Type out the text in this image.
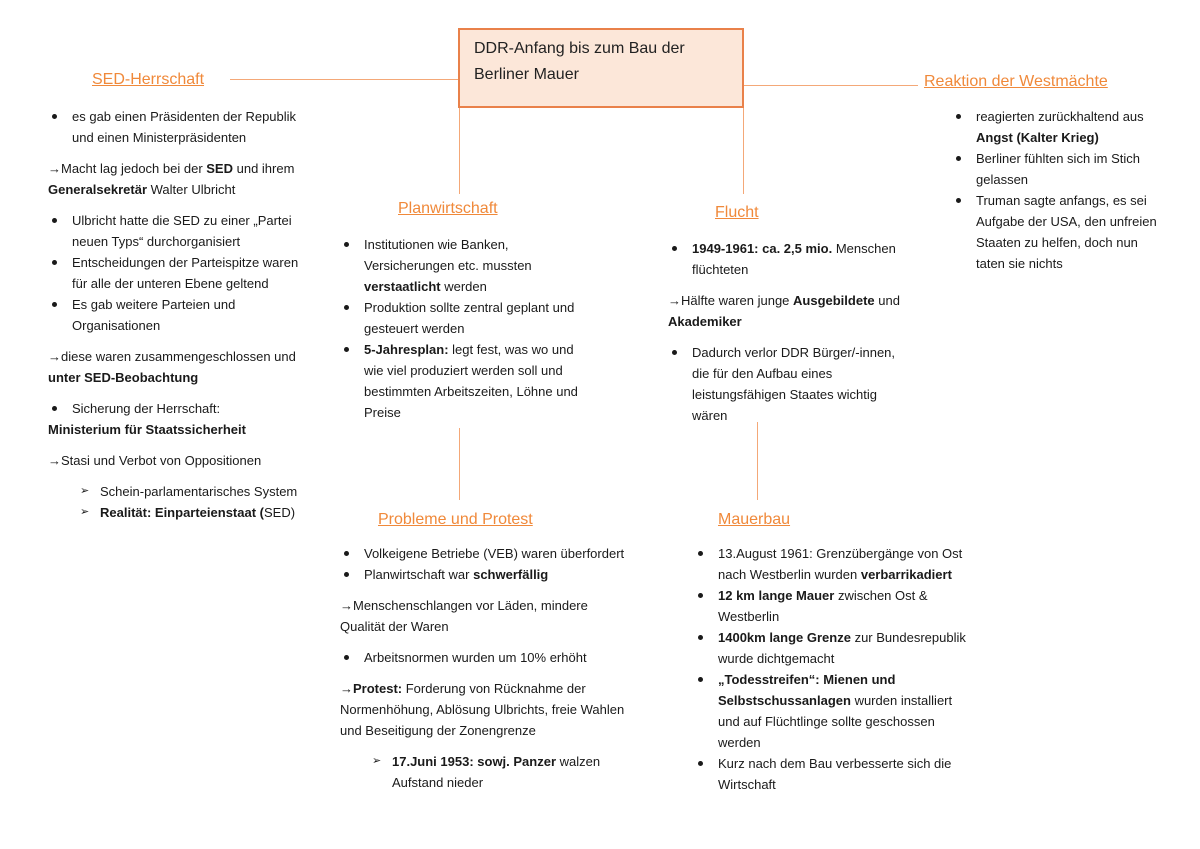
DDR-Anfang bis zum Bau der Berliner Mauer
SED-Herrschaft
es gab einen Präsidenten der Republik und einen Ministerpräsidenten

→Macht lag jedoch bei der SED und ihrem Generalsekretär Walter Ulbricht

Ulbricht hatte die SED zu einer „Partei neuen Typs“ durchorganisiert
Entscheidungen der Parteispitze waren für alle der unteren Ebene geltend
Es gab weitere Parteien und Organisationen

→diese waren zusammengeschlossen und unter SED-Beobachtung

Sicherung der Herrschaft:

Ministerium für Staatssicherheit

→Stasi und Verbot von Oppositionen

➢ Schein-parlamentarisches System
➢ Realität: Einparteienstaat (SED)
Planwirtschaft
Institutionen wie Banken, Versicherungen etc. mussten verstaatlicht werden
Produktion sollte zentral geplant und gesteuert werden
5-Jahresplan: legt fest, was wo und wie viel produziert werden soll und bestimmten Arbeitszeiten, Löhne und Preise
Flucht
1949-1961: ca. 2,5 mio. Menschen flüchteten

→Hälfte waren junge Ausgebildete und Akademiker

Dadurch verlor DDR Bürger/-innen, die für den Aufbau eines leistungsfähigen Staates wichtig wären
Reaktion der Westmächte
reagierten zurückhaltend aus Angst (Kalter Krieg)
Berliner fühlten sich im Stich gelassen
Truman sagte anfangs, es sei Aufgabe der USA, den unfreien Staaten zu helfen, doch nun taten sie nichts
Probleme und Protest
Volkeigene Betriebe (VEB) waren überfordert
Planwirtschaft war schwerfällig

→Menschenschlangen vor Läden, mindere Qualität der Waren

Arbeitsnormen wurden um 10% erhöht

→Protest: Forderung von Rücknahme der Normenhöhung, Ablösung Ulbrichts, freie Wahlen und Beseitigung der Zonengrenze

➢ 17.Juni 1953: sowj. Panzer walzen Aufstand nieder
Mauerbau
13.August 1961: Grenzübergänge von Ost nach Westberlin wurden verbarrikadiert
12 km lange Mauer zwischen Ost & Westberlin
1400km lange Grenze zur Bundesrepublik wurde dichtgemacht
„Todesstreifen“: Mienen und Selbstschussanlagen wurden installiert und auf Flüchtlinge sollte geschossen werden
Kurz nach dem Bau verbesserte sich die Wirtschaft
